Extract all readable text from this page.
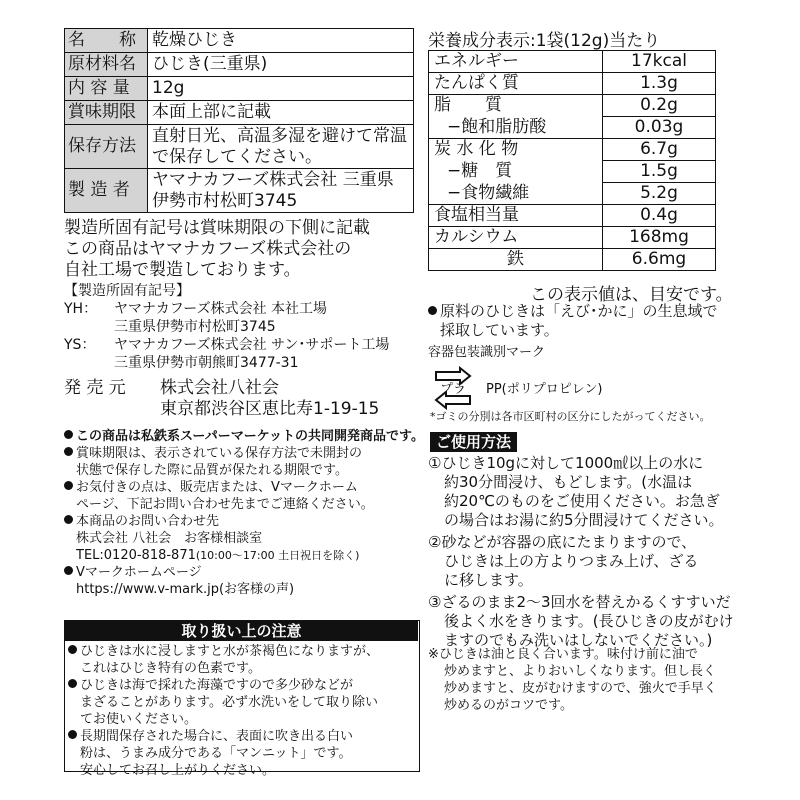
名　　称	乾燥ひじき
原材料名	ひじき(三重県)
内 容 量	12g
賞味期限	本面上部に記載
保存方法	直射日光、高温多湿を避けて常温で保存してください。
製 造 者	ヤマナカフーズ株式会社 三重県伊勢市村松町3745
製造所固有記号は賞味期限の下側に記載
この商品はヤマナカフーズ株式会社の
自社工場で製造しております。
【製造所固有記号】
YH： ヤマナカフーズ株式会社 本社工場
三重県伊勢市村松町3745
YS： ヤマナカフーズ株式会社 サン･サポート工場
三重県伊勢市朝熊町3477-31
発 売 元 株式会社八社会
東京都渋谷区恵比寿1-19-15
この商品は私鉄系スーパーマーケットの共同開発商品です。
賞味期限は、表示されている保存方法で未開封の
状態で保存した際に品質が保たれる期限です。
お気付きの点は、販売店または、Vマークホーム
ページ、下記お問い合わせ先までご連絡ください。
本商品のお問い合わせ先
株式会社 八社会　お客様相談室
TEL:0120-818-871(10:00〜17:00 土日祝日を除く)
Vマークホームページ
https://www.v-mark.jp(お客様の声)
取り扱い上の注意
ひじきは水に浸しますと水が茶褐色になりますが、
これはひじき特有の色素です。
ひじきは海で採れた海藻ですので多少砂などが
まざることがあります。必ず水洗いをして取り除い
てお使いください。
長期間保存された場合に、表面に吹き出る白い
粉は、うまみ成分である「マンニット」です。
安心してお召し上がりください。
栄養成分表示:1袋(12g)当たり
エネルギー	17kcal
たんぱく質	1.3g
脂　　質	0.2g
−飽和脂肪酸	0.03g
炭 水 化 物	6.7g
−糖　質	1.5g
−食物繊維	5.2g
食塩相当量	0.4g
カルシウム	168mg
鉄	6.6mg
この表示値は、目安です。
原料のひじきは「えび･かに」の生息域で
採取しています。
容器包装識別マーク
プラ PP(ポリプロピレン)
*ゴミの分別は各市区町村の区分にしたがってください。
ご使用方法
①ひじき10gに対して1000㎖以上の水に
約30分間浸け、もどします。(水温は
約20℃のものをご使用ください。お急ぎ
の場合はお湯に約5分間浸けてください。
②砂などが容器の底にたまりますので、
ひじきは上の方よりつまみ上げ、ざる
に移します。
③ざるのまま2〜3回水を替えかるくすすいだ
後よく水をきります。(長ひじきの皮がむけ
ますのでもみ洗いはしないでください。)
※ひじきは油と良く合います。味付け前に油で
炒めますと、よりおいしくなります。但し長く
炒めますと、皮がむけますので、強火で手早く
炒めるのがコツです。
